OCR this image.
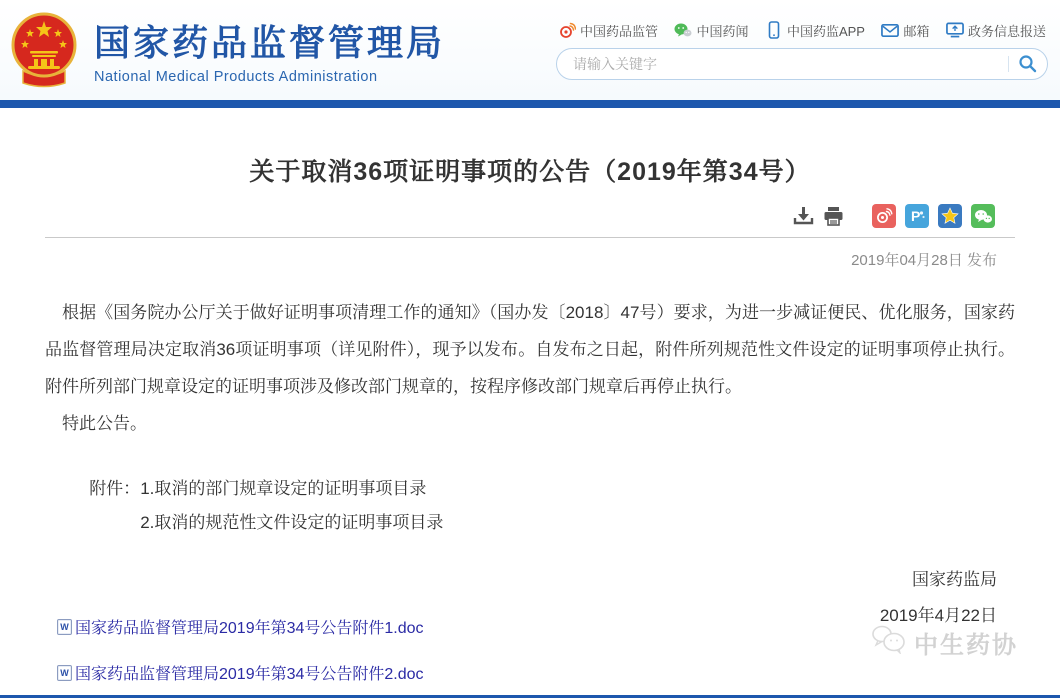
国家药品监督管理局
National Medical Products Administration
中国药品监管	中国药闻	中国药监APP	邮箱	政务信息报送
请输入关键字
关于取消36项证明事项的公告（2019年第34号）
P
2019年04月28日 发布

根据《国务院办公厅关于做好证明事项清理工作的通知》（国办发〔2018〕47号）要求，为进一步减证便民、优化服务，国家药品监督管理局决定取消36项证明事项（详见附件），现予以发布。自发布之日起，附件所列规范性文件设定的证明事项停止执行。附件所列部门规章设定的证明事项涉及修改部门规章的，按程序修改部门规章后再停止执行。

特此公告。

附件： 1.取消的部门规章设定的证明事项目录
2.取消的规范性文件设定的证明事项目录
国家药监局
2019年4月22日
W 国家药品监督管理局2019年第34号公告附件1.doc
W 国家药品监督管理局2019年第34号公告附件2.doc
中生药协
